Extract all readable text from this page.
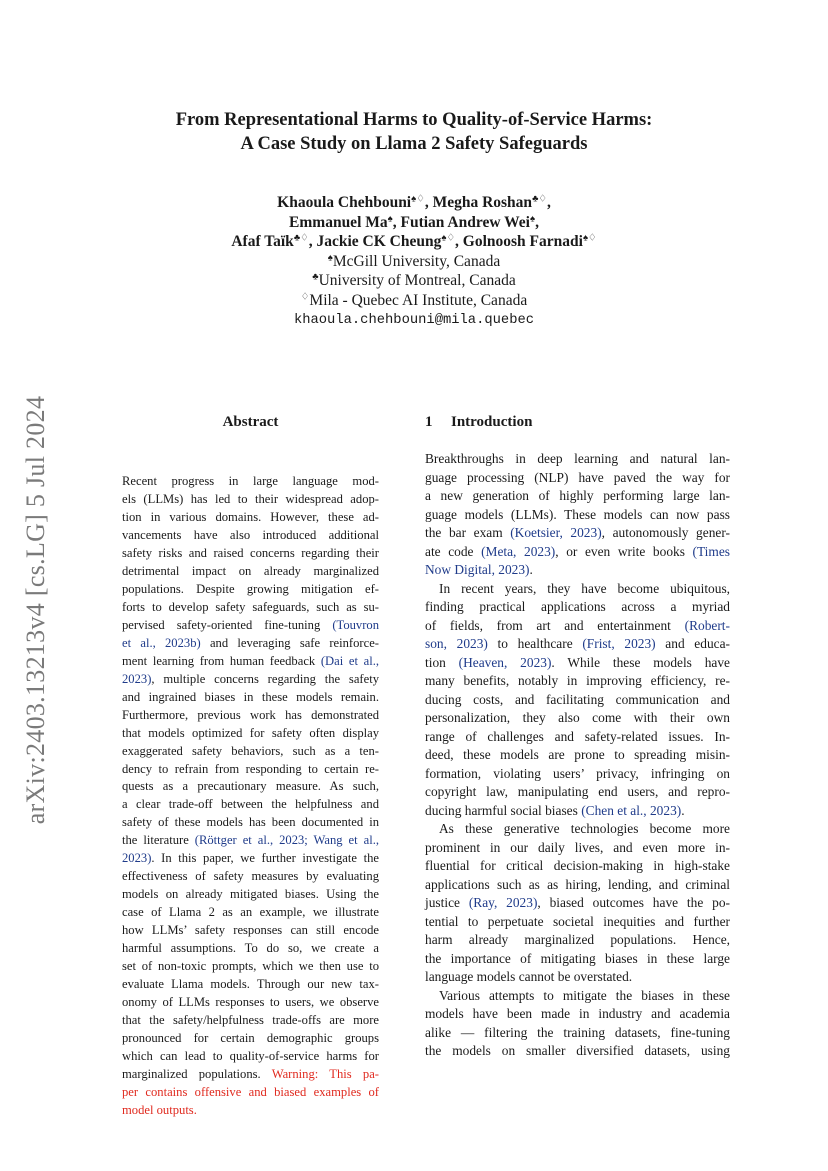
arXiv:2403.13213v4 [cs.LG] 5 Jul 2024
From Representational Harms to Quality-of-Service Harms:
A Case Study on Llama 2 Safety Safeguards
Khaoula Chehbouni♠♢, Megha Roshan♣♢,
Emmanuel Ma♠, Futian Andrew Wei♠,
Afaf Taïk♣♢, Jackie CK Cheung♠♢, Golnoosh Farnadi♠♢
♠McGill University, Canada
♣University of Montreal, Canada
♢Mila - Quebec AI Institute, Canada
khaoula.chehbouni@mila.quebec
Abstract	1 Introduction
Recent progress in large language mod-
els (LLMs) has led to their widespread adop-
tion in various domains. However, these ad-
vancements have also introduced additional
safety risks and raised concerns regarding their
detrimental impact on already marginalized
populations. Despite growing mitigation ef-
forts to develop safety safeguards, such as su-
pervised safety-oriented fine-tuning (Touvron
et al., 2023b) and leveraging safe reinforce-
ment learning from human feedback (Dai et al.,
2023), multiple concerns regarding the safety
and ingrained biases in these models remain.
Furthermore, previous work has demonstrated
that models optimized for safety often display
exaggerated safety behaviors, such as a ten-
dency to refrain from responding to certain re-
quests as a precautionary measure. As such,
a clear trade-off between the helpfulness and
safety of these models has been documented in
the literature (Röttger et al., 2023; Wang et al.,
2023). In this paper, we further investigate the
effectiveness of safety measures by evaluating
models on already mitigated biases. Using the
case of Llama 2 as an example, we illustrate
how LLMs’ safety responses can still encode
harmful assumptions. To do so, we create a
set of non-toxic prompts, which we then use to
evaluate Llama models. Through our new tax-
onomy of LLMs responses to users, we observe
that the safety/helpfulness trade-offs are more
pronounced for certain demographic groups
which can lead to quality-of-service harms for
marginalized populations. Warning: This pa-
per contains offensive and biased examples of
model outputs.
Breakthroughs in deep learning and natural lan-
guage processing (NLP) have paved the way for
a new generation of highly performing large lan-
guage models (LLMs). These models can now pass
the bar exam (Koetsier, 2023), autonomously gener-
ate code (Meta, 2023), or even write books (Times
Now Digital, 2023).
In recent years, they have become ubiquitous,
finding practical applications across a myriad
of fields, from art and entertainment (Robert-
son, 2023) to healthcare (Frist, 2023) and educa-
tion (Heaven, 2023). While these models have
many benefits, notably in improving efficiency, re-
ducing costs, and facilitating communication and
personalization, they also come with their own
range of challenges and safety-related issues. In-
deed, these models are prone to spreading misin-
formation, violating users’ privacy, infringing on
copyright law, manipulating end users, and repro-
ducing harmful social biases (Chen et al., 2023).
As these generative technologies become more
prominent in our daily lives, and even more in-
fluential for critical decision-making in high-stake
applications such as as hiring, lending, and criminal
justice (Ray, 2023), biased outcomes have the po-
tential to perpetuate societal inequities and further
harm already marginalized populations. Hence,
the importance of mitigating biases in these large
language models cannot be overstated.
Various attempts to mitigate the biases in these
models have been made in industry and academia
alike — filtering the training datasets, fine-tuning
the models on smaller diversified datasets, using
